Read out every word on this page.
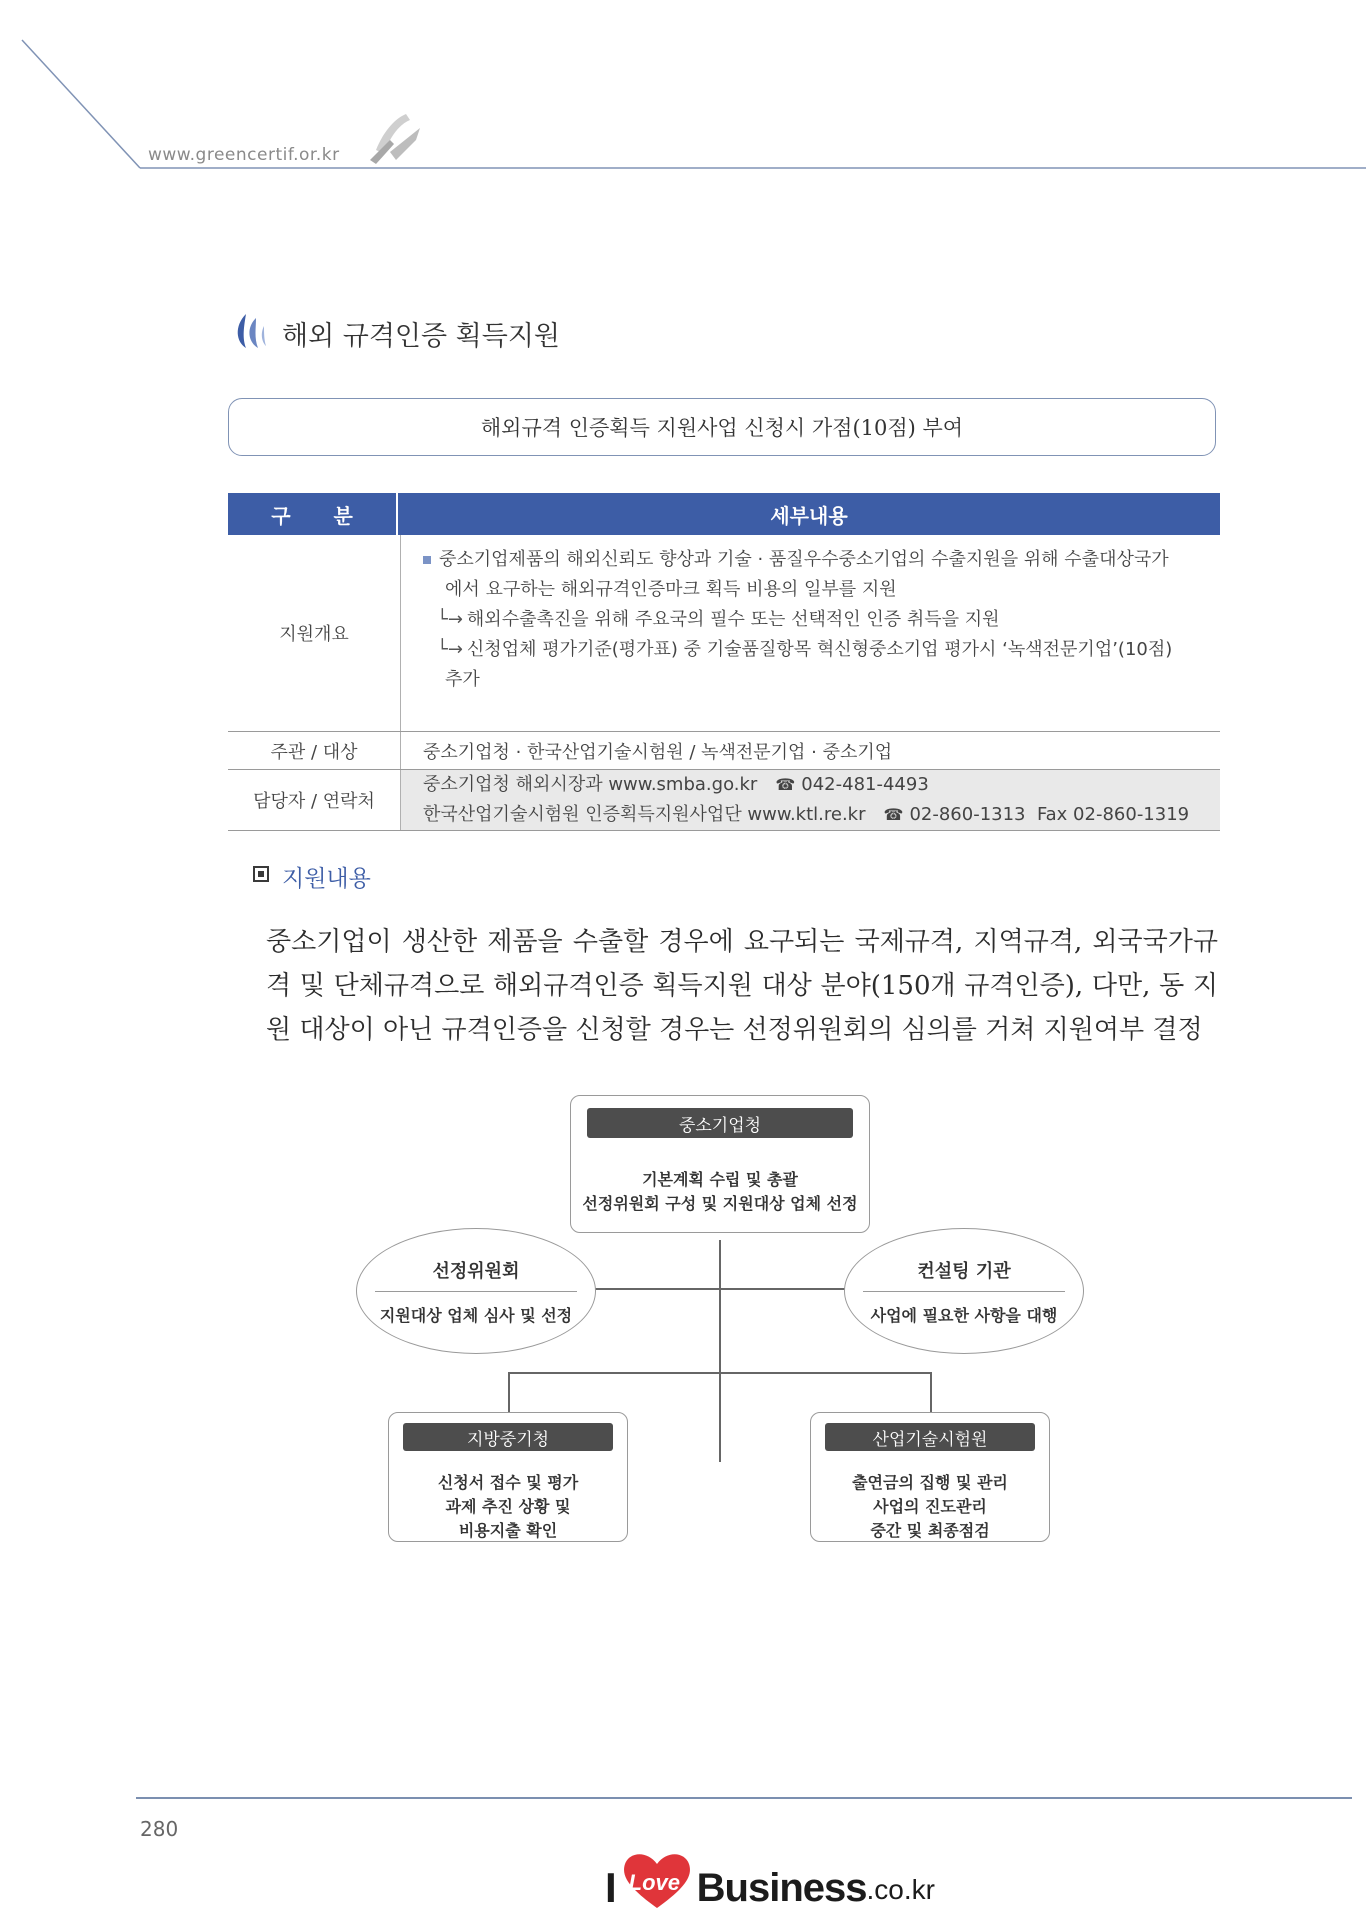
www.greencertif.or.kr
해외 규격인증 획득지원
해외규격 인증획득 지원사업 신청시 가점(10점) 부여
구 분	세부내용
지원개요
중소기업제품의 해외신뢰도 향상과 기술 · 품질우수중소기업의 수출지원을 위해 수출대상국가
에서 요구하는 해외규격인증마크 획득 비용의 일부를 지원
└→ 해외수출촉진을 위해 주요국의 필수 또는 선택적인 인증 취득을 지원
└→ 신청업체 평가기준(평가표) 중 기술품질항목 혁신형중소기업 평가시 ‘녹색전문기업’(10점)
추가
주관 / 대상	중소기업청 · 한국산업기술시험원 / 녹색전문기업 · 중소기업
담당자 / 연락처
중소기업청 해외시장과 www.smba.go.kr ☎ 042-481-4493
한국산업기술시험원 인증획득지원사업단 www.ktl.re.kr ☎ 02-860-1313 Fax 02-860-1319
지원내용
중소기업이 생산한 제품을 수출할 경우에 요구되는 국제규격, 지역규격, 외국국가규격 및 단체규격으로 해외규격인증 획득지원 대상 분야(150개 규격인증), 다만, 동 지원 대상이 아닌 규격인증을 신청할 경우는 선정위원회의 심의를 거쳐 지원여부 결정
중소기업청
기본계획 수립 및 총괄
선정위원회 구성 및 지원대상 업체 선정
선정위원회
지원대상 업체 심사 및 선정
컨설팅 기관
사업에 필요한 사항을 대행
지방중기청
신청서 접수 및 평가
과제 추진 상황 및
비용지출 확인
산업기술시험원
출연금의 집행 및 관리
사업의 진도관리
중간 및 최종점검
280
I Love Business .co.kr
